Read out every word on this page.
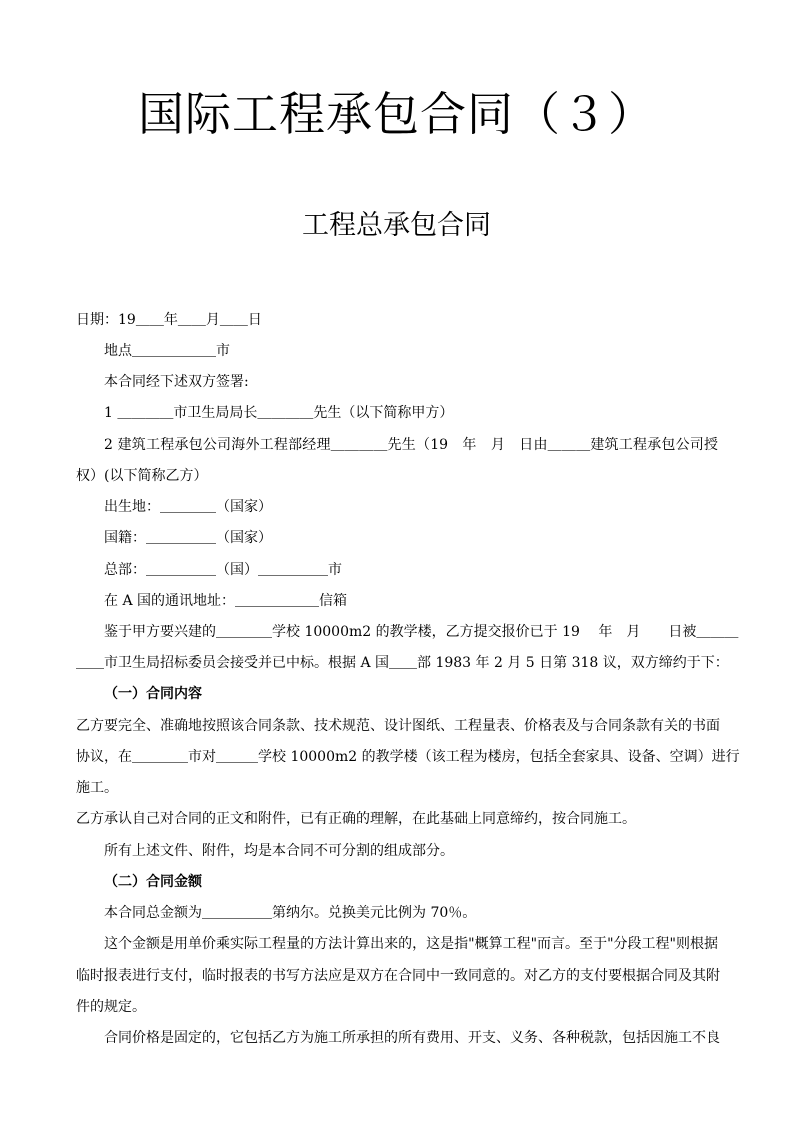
国际工程承包合同（３）
工程总承包合同

日期：19＿＿年＿＿月＿＿日

地点＿＿＿＿＿＿市

本合同经下述双方签署:

1 ＿＿＿＿市卫生局局长＿＿＿＿先生（以下简称甲方）

2 建筑工程承包公司海外工程部经理＿＿＿＿先生（19　年　月　日由＿＿＿建筑工程承包公司授

权）(以下简称乙方）

出生地：＿＿＿＿（国家）

国籍：＿＿＿＿＿（国家）

总部：＿＿＿＿＿（国）＿＿＿＿＿市

在 A 国的通讯地址：＿＿＿＿＿＿信箱

鉴于甲方要兴建的＿＿＿＿学校 10000m2 的教学楼，乙方提交报价已于 19　 年　月　　日被＿＿＿

＿＿市卫生局招标委员会接受并已中标。根据 A 国＿＿部 1983 年 2 月 5 日第 318 议，双方缔约于下：

（一）合同内容

乙方要完全、准确地按照该合同条款、技术规范、设计图纸、工程量表、价格表及与合同条款有关的书面

协议，在＿＿＿＿市对＿＿＿学校 10000m2 的教学楼（该工程为楼房，包括全套家具、设备、空调）进行

施工。

乙方承认自己对合同的正文和附件，已有正确的理解，在此基础上同意缔约，按合同施工。

所有上述文件、附件，均是本合同不可分割的组成部分。

（二）合同金额

本合同总金额为＿＿＿＿＿第纳尔。兑换美元比例为 70％。

这个金额是用单价乘实际工程量的方法计算出来的，这是指"概算工程"而言。至于"分段工程"则根据

临时报表进行支付，临时报表的书写方法应是双方在合同中一致同意的。对乙方的支付要根据合同及其附

件的规定。

合同价格是固定的，它包括乙方为施工所承担的所有费用、开支、义务、各种税款，包括因施工不良
